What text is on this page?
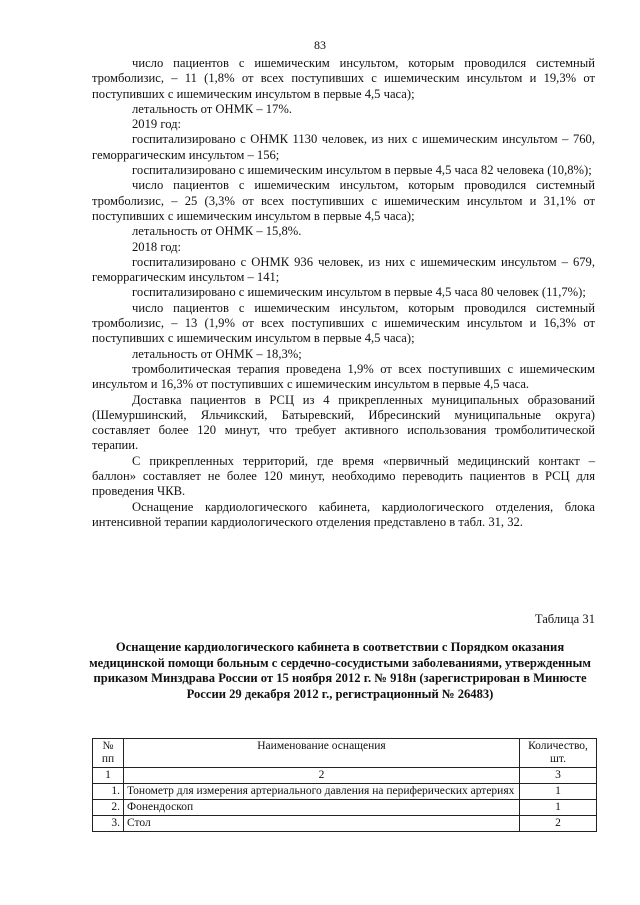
83

число пациентов с ишемическим инсультом, которым проводился системный тромболизис, – 11 (1,8% от всех поступивших с ишемическим инсультом и 19,3% от поступивших с ишемическим инсультом в первые 4,5 часа);

летальность от ОНМК – 17%.

2019 год:

госпитализировано с ОНМК 1130 человек, из них с ишемическим инсультом – 760, геморрагическим инсультом – 156;

госпитализировано с ишемическим инсультом в первые 4,5 часа 82 человека (10,8%);

число пациентов с ишемическим инсультом, которым проводился системный тромболизис, – 25 (3,3% от всех поступивших с ишемическим инсультом и 31,1% от поступивших с ишемическим инсультом в первые 4,5 часа);

летальность от ОНМК – 15,8%.

2018 год:

госпитализировано с ОНМК 936 человек, из них с ишемическим инсультом – 679, геморрагическим инсультом – 141;

госпитализировано с ишемическим инсультом в первые 4,5 часа 80 человек (11,7%);

число пациентов с ишемическим инсультом, которым проводился системный тромболизис, – 13 (1,9% от всех поступивших с ишемическим инсультом и 16,3% от поступивших с ишемическим инсультом в первые 4,5 часа);

летальность от ОНМК – 18,3%;

тромболитическая терапия проведена 1,9% от всех поступивших с ишемическим инсультом и 16,3% от поступивших с ишемическим инсультом в первые 4,5 часа.

Доставка пациентов в РСЦ из 4 прикрепленных муниципальных образований (Шемуршинский, Яльчикский, Батыревский, Ибресинский муниципальные округа) составляет более 120 минут, что требует активного использования тромболитической терапии.

С прикрепленных территорий, где время «первичный медицинский контакт – баллон» составляет не более 120 минут, необходимо переводить пациентов в РСЦ для проведения ЧКВ.

Оснащение кардиологического кабинета, кардиологического отделения, блока интенсивной терапии кардиологического отделения представлено в табл. 31, 32.

Таблица 31
Оснащение кардиологического кабинета в соответствии с Порядком оказания медицинской помощи больным с сердечно-сосудистыми заболеваниями, утвержденным приказом Минздрава России от 15 ноября 2012 г. № 918н (зарегистрирован в Минюсте России 29 декабря 2012 г., регистрационный № 26483)
№ пп	Наименование оснащения	Количество, шт.
1	2	3
1.	Тонометр для измерения артериального давления на периферических артериях	1
2.	Фонендоскоп	1
3.	Стол	2
